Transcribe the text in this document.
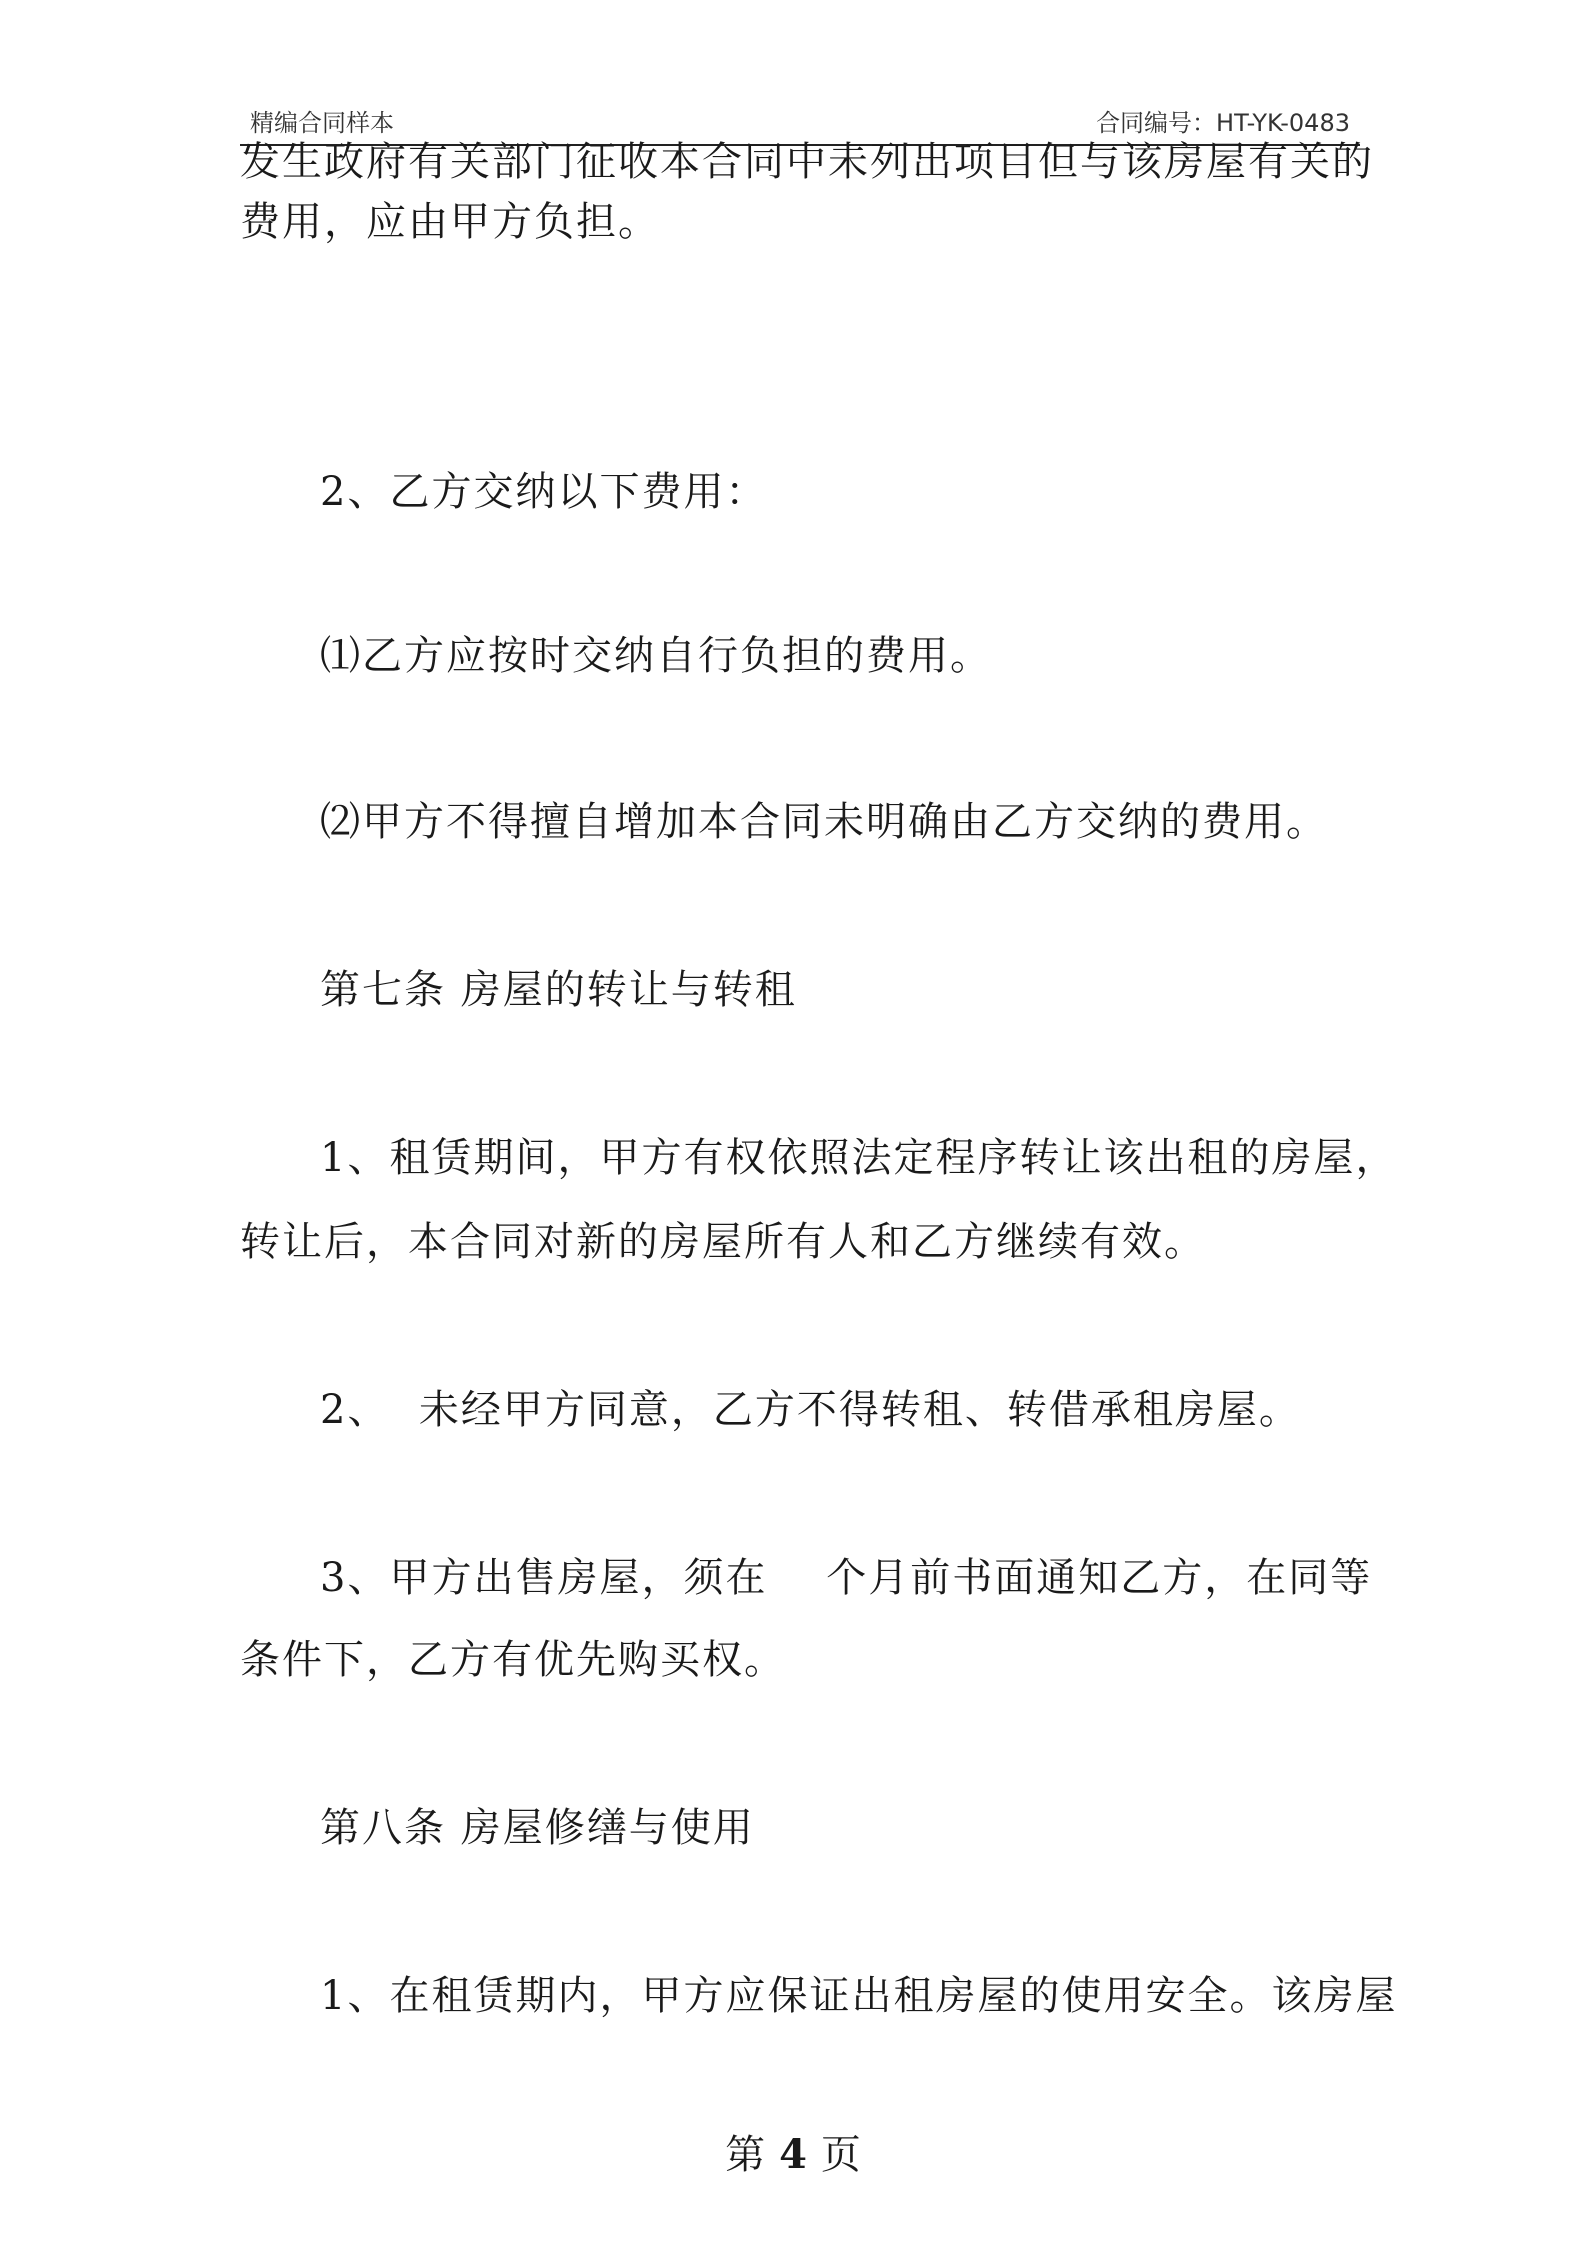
精编合同样本	合同编号：HT-YK-0483
发生政府有关部门征收本合同中未列出项目但与该房屋有关的
费用，应由甲方负担。
2、乙方交纳以下费用：
⑴乙方应按时交纳自行负担的费用。
⑵甲方不得擅自增加本合同未明确由乙方交纳的费用。
第七条 房屋的转让与转租
1、租赁期间，甲方有权依照法定程序转让该出租的房屋，
转让后，本合同对新的房屋所有人和乙方继续有效。
2、  未经甲方同意，乙方不得转租、转借承租房屋。
3、甲方出售房屋，须在    个月前书面通知乙方，在同等
条件下，乙方有优先购买权。
第八条 房屋修缮与使用
1、在租赁期内，甲方应保证出租房屋的使用安全。该房屋
第 4 页
